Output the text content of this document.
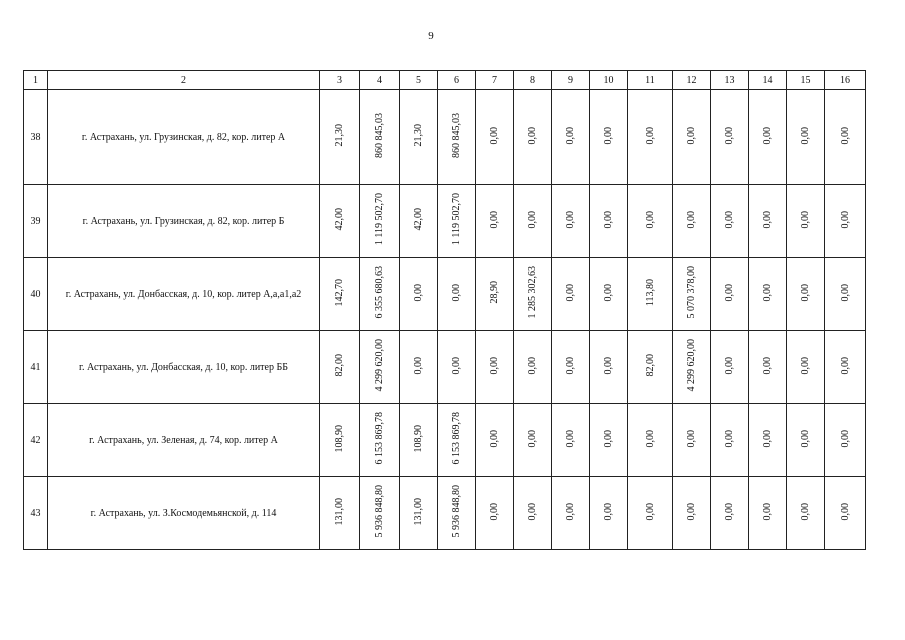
9
1	2	3	4	5	6	7	8	9	10	11	12	13	14	15	16
38	г. Астрахань, ул. Грузинская, д. 82, кор. литер А	21,30	860 845,03	21,30	860 845,03	0,00	0,00	0,00	0,00	0,00	0,00	0,00	0,00	0,00	0,00
39	г. Астрахань, ул. Грузинская, д. 82, кор. литер Б	42,00	1 119 502,70	42,00	1 119 502,70	0,00	0,00	0,00	0,00	0,00	0,00	0,00	0,00	0,00	0,00
40	г. Астрахань, ул. Донбасская, д. 10, кор. литер А,а,а1,а2	142,70	6 355 680,63	0,00	0,00	28,90	1 285 302,63	0,00	0,00	113,80	5 070 378,00	0,00	0,00	0,00	0,00
41	г. Астрахань, ул. Донбасская, д. 10, кор. литер ББ	82,00	4 299 620,00	0,00	0,00	0,00	0,00	0,00	0,00	82,00	4 299 620,00	0,00	0,00	0,00	0,00
42	г. Астрахань, ул. Зеленая, д. 74, кор. литер А	108,90	6 153 869,78	108,90	6 153 869,78	0,00	0,00	0,00	0,00	0,00	0,00	0,00	0,00	0,00	0,00
43	г. Астрахань, ул. З.Космодемьянской, д. 114	131,00	5 936 848,80	131,00	5 936 848,80	0,00	0,00	0,00	0,00	0,00	0,00	0,00	0,00	0,00	0,00
